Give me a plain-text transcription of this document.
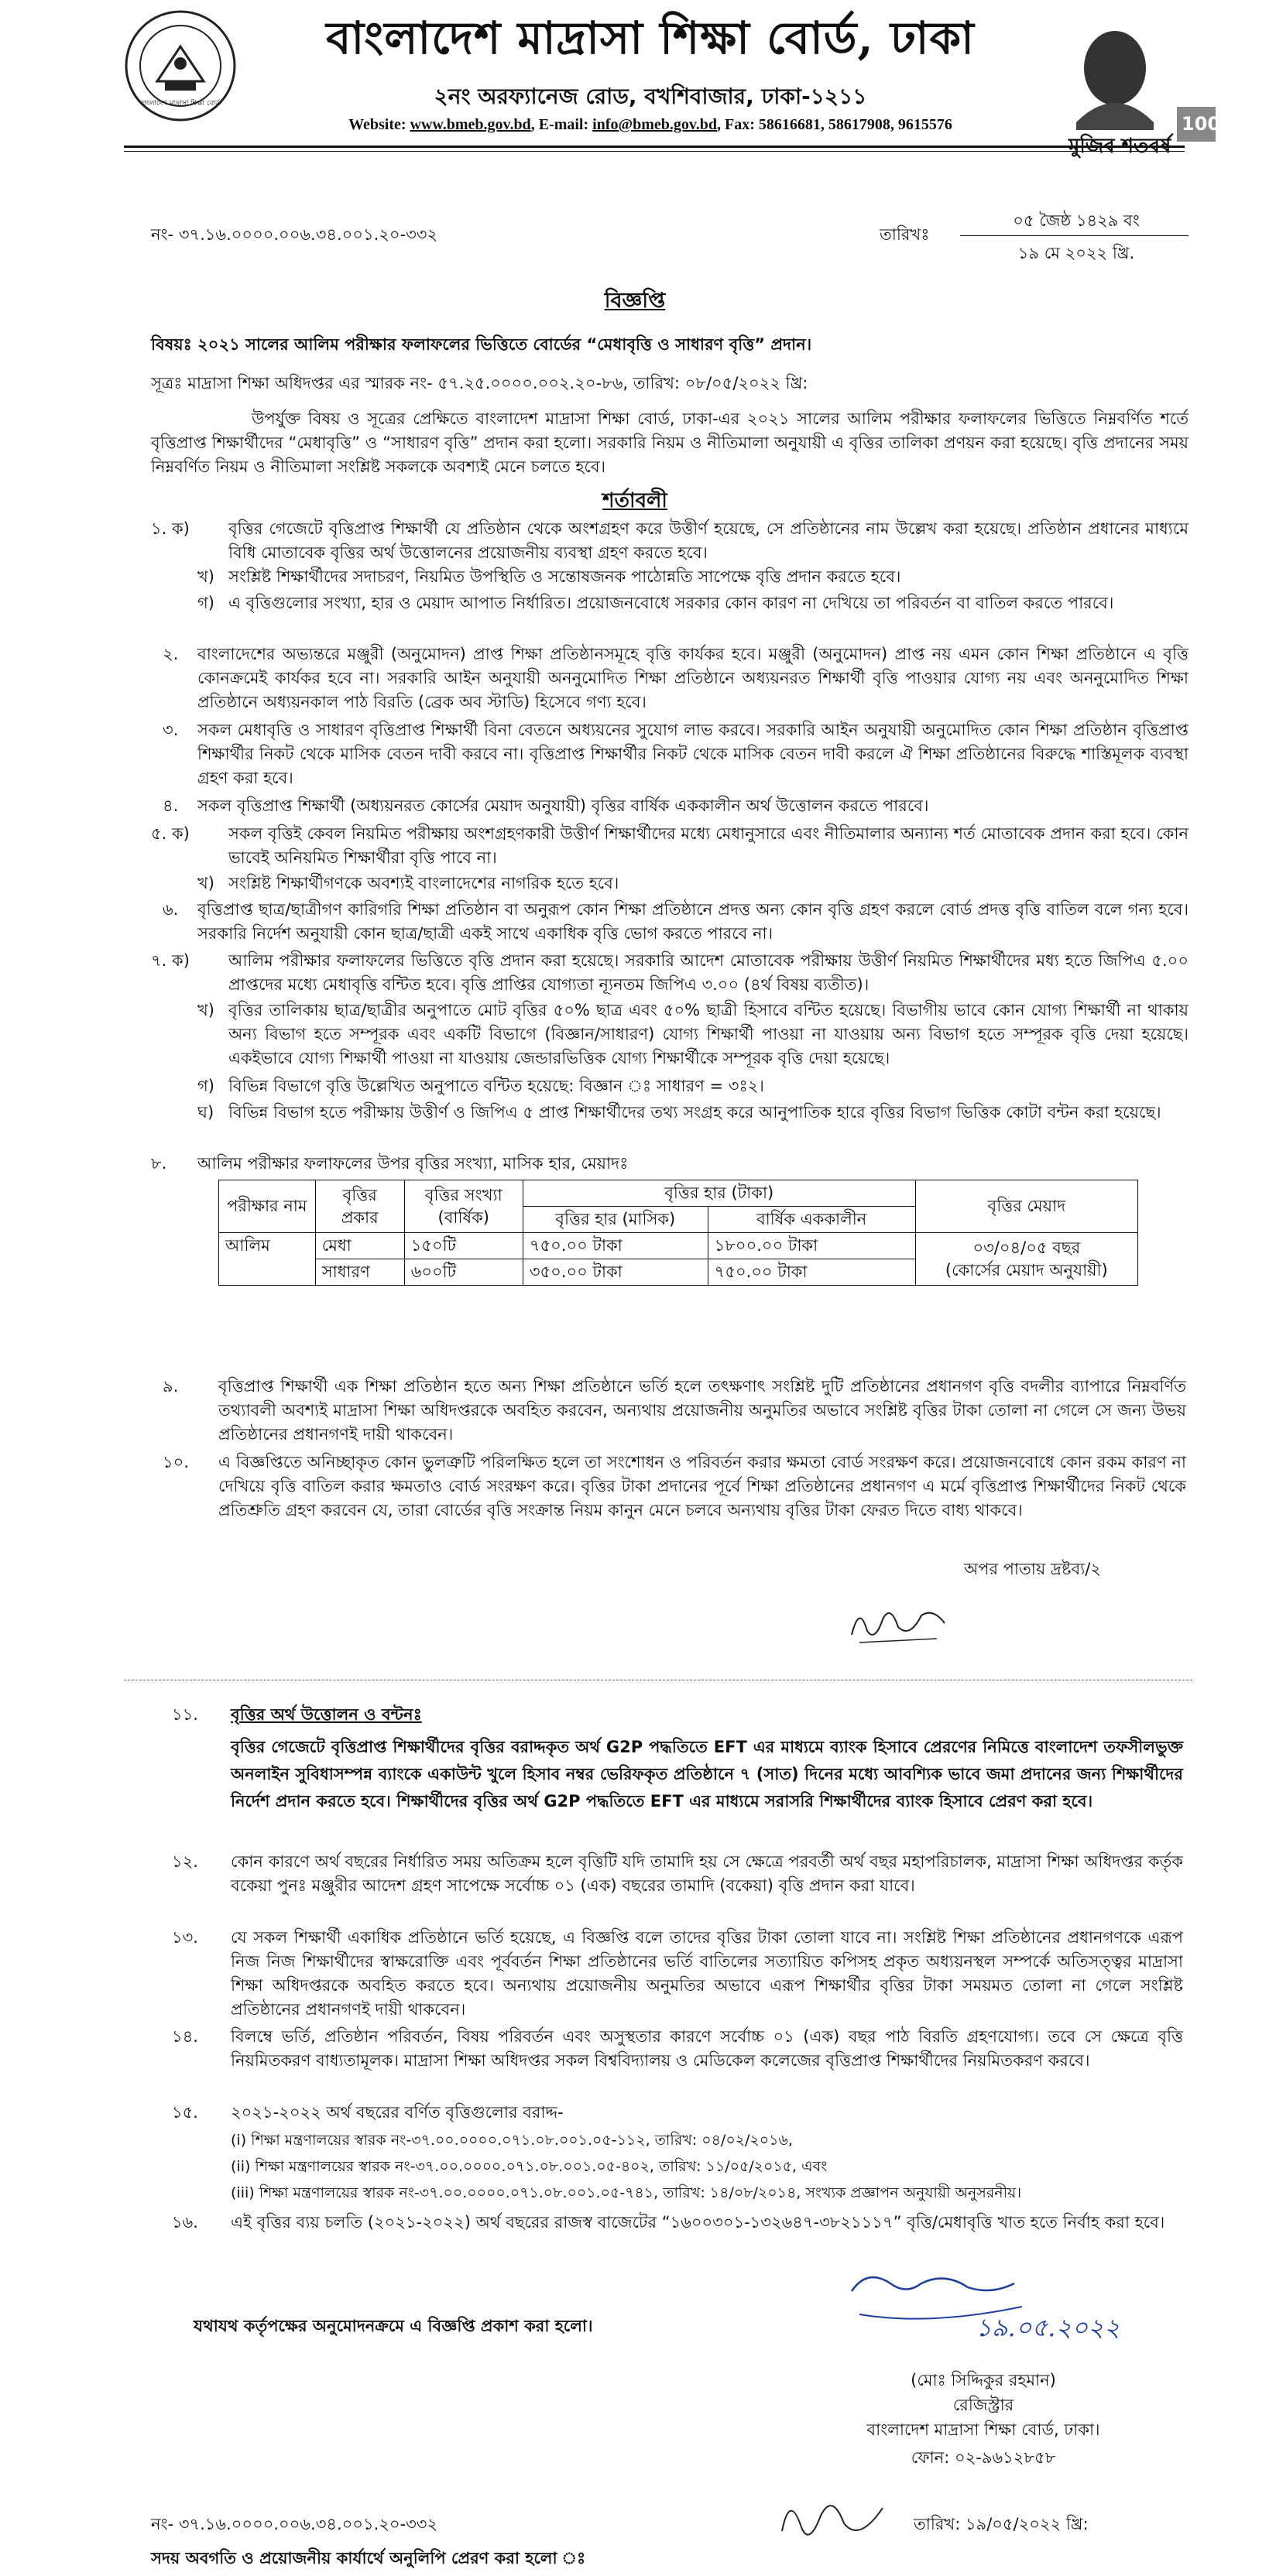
বাংলাদেশ মাদ্রাসা শিক্ষা বোর্ড
বাংলাদেশ মাদ্রাসা শিক্ষা বোর্ড, ঢাকা
২নং অরফ্যানেজ রোড, বখশিবাজার, ঢাকা-১২১১
Website: www.bmeb.gov.bd, E-mail: info@bmeb.gov.bd, Fax: 58616681, 58617908, 9615576
মুজিব শতবর্ষ
100
নং- ৩৭.১৬.০০০০.০০৬.৩৪.০০১.২০-৩৩২	তারিখঃ
০৫ জৈষ্ঠ ১৪২৯ বং
১৯ মে ২০২২ খ্রি.
বিজ্ঞপ্তি
বিষয়ঃ ২০২১ সালের আলিম পরীক্ষার ফলাফলের ভিত্তিতে বোর্ডের “মেধাবৃত্তি ও সাধারণ বৃত্তি” প্রদান।
সূত্রঃ মাদ্রাসা শিক্ষা অধিদপ্তর এর স্মারক নং- ৫৭.২৫.০০০০.০০২.২০-৮৬, তারিখ: ০৮/০৫/২০২২ খ্রি:
উপর্যুক্ত বিষয় ও সূত্রের প্রেক্ষিতে বাংলাদেশ মাদ্রাসা শিক্ষা বোর্ড, ঢাকা-এর ২০২১ সালের আলিম পরীক্ষার ফলাফলের ভিত্তিতে নিম্নবর্ণিত শর্তে বৃত্তিপ্রাপ্ত শিক্ষার্থীদের “মেধাবৃত্তি” ও “সাধারণ বৃত্তি” প্রদান করা হলো। সরকারি নিয়ম ও নীতিমালা অনুযায়ী এ বৃত্তির তালিকা প্রণয়ন করা হয়েছে। বৃত্তি প্রদানের সময় নিম্নবর্ণিত নিয়ম ও নীতিমালা সংশ্লিষ্ট সকলকে অবশ্যই মেনে চলতে হবে।
শর্তাবলী
১. ক) বৃত্তির গেজেটে বৃত্তিপ্রাপ্ত শিক্ষার্থী যে প্রতিষ্ঠান থেকে অংশগ্রহণ করে উত্তীর্ণ হয়েছে, সে প্রতিষ্ঠানের নাম উল্লেখ করা হয়েছে। প্রতিষ্ঠান প্রধানের মাধ্যমে বিধি মোতাবেক বৃত্তির অর্থ উত্তোলনের প্রয়োজনীয় ব্যবস্থা গ্রহণ করতে হবে।
খ) সংশ্লিষ্ট শিক্ষার্থীদের সদাচরণ, নিয়মিত উপস্থিতি ও সন্তোষজনক পাঠোন্নতি সাপেক্ষে বৃত্তি প্রদান করতে হবে।
গ) এ বৃত্তিগুলোর সংখ্যা, হার ও মেয়াদ আপাত নির্ধারিত। প্রয়োজনবোধে সরকার কোন কারণ না দেখিয়ে তা পরিবর্তন বা বাতিল করতে পারবে।
২. বাংলাদেশের অভ্যন্তরে মঞ্জুরী (অনুমোদন) প্রাপ্ত শিক্ষা প্রতিষ্ঠানসমূহে বৃত্তি কার্যকর হবে। মঞ্জুরী (অনুমোদন) প্রাপ্ত নয় এমন কোন শিক্ষা প্রতিষ্ঠানে এ বৃত্তি কোনক্রমেই কার্যকর হবে না। সরকারি আইন অনুযায়ী অননুমোদিত শিক্ষা প্রতিষ্ঠানে অধ্যয়নরত শিক্ষার্থী বৃত্তি পাওয়ার যোগ্য নয় এবং অননুমোদিত শিক্ষা প্রতিষ্ঠানে অধ্যয়নকাল পাঠ বিরতি (ব্রেক অব স্টাডি) হিসেবে গণ্য হবে।
৩. সকল মেধাবৃত্তি ও সাধারণ বৃত্তিপ্রাপ্ত শিক্ষার্থী বিনা বেতনে অধ্যয়নের সুযোগ লাভ করবে। সরকারি আইন অনুযায়ী অনুমোদিত কোন শিক্ষা প্রতিষ্ঠান বৃত্তিপ্রাপ্ত শিক্ষার্থীর নিকট থেকে মাসিক বেতন দাবী করবে না। বৃত্তিপ্রাপ্ত শিক্ষার্থীর নিকট থেকে মাসিক বেতন দাবী করলে ঐ শিক্ষা প্রতিষ্ঠানের বিরুদ্ধে শাস্তিমূলক ব্যবস্থা গ্রহণ করা হবে।
৪. সকল বৃত্তিপ্রাপ্ত শিক্ষার্থী (অধ্যয়নরত কোর্সের মেয়াদ অনুযায়ী) বৃত্তির বার্ষিক এককালীন অর্থ উত্তোলন করতে পারবে।
৫. ক) সকল বৃত্তিই কেবল নিয়মিত পরীক্ষায় অংশগ্রহণকারী উত্তীর্ণ শিক্ষার্থীদের মধ্যে মেধানুসারে এবং নীতিমালার অন্যান্য শর্ত মোতাবেক প্রদান করা হবে। কোন ভাবেই অনিয়মিত শিক্ষার্থীরা বৃত্তি পাবে না।
খ) সংশ্লিষ্ট শিক্ষার্থীগণকে অবশ্যই বাংলাদেশের নাগরিক হতে হবে।
৬. বৃত্তিপ্রাপ্ত ছাত্র/ছাত্রীগণ কারিগরি শিক্ষা প্রতিষ্ঠান বা অনুরূপ কোন শিক্ষা প্রতিষ্ঠানে প্রদত্ত অন্য কোন বৃত্তি গ্রহণ করলে বোর্ড প্রদত্ত বৃত্তি বাতিল বলে গন্য হবে। সরকারি নির্দেশ অনুযায়ী কোন ছাত্র/ছাত্রী একই সাথে একাধিক বৃত্তি ভোগ করতে পারবে না।
৭. ক) আলিম পরীক্ষার ফলাফলের ভিত্তিতে বৃত্তি প্রদান করা হয়েছে। সরকারি আদেশ মোতাবেক পরীক্ষায় উত্তীর্ণ নিয়মিত শিক্ষার্থীদের মধ্য হতে জিপিএ ৫.০০ প্রাপ্তদের মধ্যে মেধাবৃত্তি বন্টিত হবে। বৃত্তি প্রাপ্তির যোগ্যতা ন্যূনতম জিপিএ ৩.০০ (৪র্থ বিষয় ব্যতীত)।
খ) বৃত্তির তালিকায় ছাত্র/ছাত্রীর অনুপাতে মোট বৃত্তির ৫০% ছাত্র এবং ৫০% ছাত্রী হিসাবে বন্টিত হয়েছে। বিভাগীয় ভাবে কোন যোগ্য শিক্ষার্থী না থাকায় অন্য বিভাগ হতে সম্পূরক এবং একটি বিভাগে (বিজ্ঞান/সাধারণ) যোগ্য শিক্ষার্থী পাওয়া না যাওয়ায় অন্য বিভাগ হতে সম্পূরক বৃত্তি দেয়া হয়েছে। একইভাবে যোগ্য শিক্ষার্থী পাওয়া না যাওয়ায় জেন্ডারভিত্তিক যোগ্য শিক্ষার্থীকে সম্পূরক বৃত্তি দেয়া হয়েছে।
গ) বিভিন্ন বিভাগে বৃত্তি উল্লেখিত অনুপাতে বন্টিত হয়েছে: বিজ্ঞান ঃ সাধারণ = ৩ঃ২।
ঘ) বিভিন্ন বিভাগ হতে পরীক্ষায় উত্তীর্ণ ও জিপিএ ৫ প্রাপ্ত শিক্ষার্থীদের তথ্য সংগ্রহ করে আনুপাতিক হারে বৃত্তির বিভাগ ভিত্তিক কোটা বন্টন করা হয়েছে।
৮. আলিম পরীক্ষার ফলাফলের উপর বৃত্তির সংখ্যা, মাসিক হার, মেয়াদঃ
পরীক্ষার নাম	বৃত্তির প্রকার	বৃত্তির সংখ্যা (বার্ষিক)	বৃত্তির হার (টাকা)		বৃত্তির মেয়াদ
			বৃত্তির হার (মাসিক)	বার্ষিক এককালীন	
আলিম	মেধা	১৫০টি	৭৫০.০০ টাকা	১৮০০.০০ টাকা	০৩/০৪/০৫ বছর
(কোর্সের মেয়াদ অনুযায়ী)

	সাধারণ	৬০০টি	৩৫০.০০ টাকা	৭৫০.০০ টাকা	
৯. বৃত্তিপ্রাপ্ত শিক্ষার্থী এক শিক্ষা প্রতিষ্ঠান হতে অন্য শিক্ষা প্রতিষ্ঠানে ভর্তি হলে তৎক্ষণাৎ সংশ্লিষ্ট দুটি প্রতিষ্ঠানের প্রধানগণ বৃত্তি বদলীর ব্যাপারে নিম্নবর্ণিত তথ্যাবলী অবশ্যই মাদ্রাসা শিক্ষা অধিদপ্তরকে অবহিত করবেন, অন্যথায় প্রয়োজনীয় অনুমতির অভাবে সংশ্লিষ্ট বৃত্তির টাকা তোলা না গেলে সে জন্য উভয় প্রতিষ্ঠানের প্রধানগণই দায়ী থাকবেন।
১০. এ বিজ্ঞপ্তিতে অনিচ্ছাকৃত কোন ভুলত্রুটি পরিলক্ষিত হলে তা সংশোধন ও পরিবর্তন করার ক্ষমতা বোর্ড সংরক্ষণ করে। প্রয়োজনবোধে কোন রকম কারণ না দেখিয়ে বৃত্তি বাতিল করার ক্ষমতাও বোর্ড সংরক্ষণ করে। বৃত্তির টাকা প্রদানের পূর্বে শিক্ষা প্রতিষ্ঠানের প্রধানগণ এ মর্মে বৃত্তিপ্রাপ্ত শিক্ষার্থীদের নিকট থেকে প্রতিশ্রুতি গ্রহণ করবেন যে, তারা বোর্ডের বৃত্তি সংক্রান্ত নিয়ম কানুন মেনে চলবে অন্যথায় বৃত্তির টাকা ফেরত দিতে বাধ্য থাকবে।
অপর পাতায় দ্রষ্টব্য/২
১১. বৃত্তির অর্থ উত্তোলন ও বন্টনঃ
বৃত্তির গেজেটে বৃত্তিপ্রাপ্ত শিক্ষার্থীদের বৃত্তির বরাদ্দকৃত অর্থ G2P পদ্ধতিতে EFT এর মাধ্যমে ব্যাংক হিসাবে প্রেরণের নিমিত্তে বাংলাদেশ তফসীলভুক্ত অনলাইন সুবিধাসম্পন্ন ব্যাংকে একাউন্ট খুলে হিসাব নম্বর ভেরিফকৃত প্রতিষ্ঠানে ৭ (সাত) দিনের মধ্যে আবশ্যিক ভাবে জমা প্রদানের জন্য শিক্ষার্থীদের নির্দেশ প্রদান করতে হবে। শিক্ষার্থীদের বৃত্তির অর্থ G2P পদ্ধতিতে EFT এর মাধ্যমে সরাসরি শিক্ষার্থীদের ব্যাংক হিসাবে প্রেরণ করা হবে।
১২. কোন কারণে অর্থ বছরের নির্ধারিত সময় অতিক্রম হলে বৃত্তিটি যদি তামাদি হয় সে ক্ষেত্রে পরবর্তী অর্থ বছর মহাপরিচালক, মাদ্রাসা শিক্ষা অধিদপ্তর কর্তৃক বকেয়া পুনঃ মঞ্জুরীর আদেশ গ্রহণ সাপেক্ষে সর্বোচ্চ ০১ (এক) বছরের তামাদি (বকেয়া) বৃত্তি প্রদান করা যাবে।
১৩. যে সকল শিক্ষার্থী একাধিক প্রতিষ্ঠানে ভর্তি হয়েছে, এ বিজ্ঞপ্তি বলে তাদের বৃত্তির টাকা তোলা যাবে না। সংশ্লিষ্ট শিক্ষা প্রতিষ্ঠানের প্রধানগণকে এরূপ নিজ নিজ শিক্ষার্থীদের স্বাক্ষরোক্তি এবং পূর্ববর্তন শিক্ষা প্রতিষ্ঠানের ভর্তি বাতিলের সত্যায়িত কপিসহ প্রকৃত অধ্যয়নস্থল সম্পর্কে অতিসত্ত্বর মাদ্রাসা শিক্ষা অধিদপ্তরকে অবহিত করতে হবে। অন্যথায় প্রয়োজনীয় অনুমতির অভাবে এরূপ শিক্ষার্থীর বৃত্তির টাকা সময়মত তোলা না গেলে সংশ্লিষ্ট প্রতিষ্ঠানের প্রধানগণই দায়ী থাকবেন।
১৪. বিলম্বে ভর্তি, প্রতিষ্ঠান পরিবর্তন, বিষয় পরিবর্তন এবং অসুস্থতার কারণে সর্বোচ্চ ০১ (এক) বছর পাঠ বিরতি গ্রহণযোগ্য। তবে সে ক্ষেত্রে বৃত্তি নিয়মিতকরণ বাধ্যতামূলক। মাদ্রাসা শিক্ষা অধিদপ্তর সকল বিশ্ববিদ্যালয় ও মেডিকেল কলেজের বৃত্তিপ্রাপ্ত শিক্ষার্থীদের নিয়মিতকরণ করবে।
১৫. ২০২১-২০২২ অর্থ বছরের বর্ণিত বৃত্তিগুলোর বরাদ্দ-
(i) শিক্ষা মন্ত্রণালয়ের স্বারক নং-৩৭.০০.০০০০.০৭১.০৮.০০১.০৫-১১২, তারিখ: ০৪/০২/২০১৬,
(ii) শিক্ষা মন্ত্রণালয়ের স্বারক নং-৩৭.০০.০০০০.০৭১.০৮.০০১.০৫-৪০২, তারিখ: ১১/০৫/২০১৫, এবং
(iii) শিক্ষা মন্ত্রণালয়ের স্বারক নং-৩৭.০০.০০০০.০৭১.০৮.০০১.০৫-৭৪১, তারিখ: ১৪/০৮/২০১৪, সংখ্যক প্রজ্ঞাপন অনুযায়ী অনুসরনীয়।
১৬. এই বৃত্তির ব্যয় চলতি (২০২১-২০২২) অর্থ বছরের রাজস্ব বাজেটের “১৬০০৩০১-১৩২৬৪৭-৩৮২১১১৭” বৃত্তি/মেধাবৃত্তি খাত হতে নির্বাহ করা হবে।
যথাযথ কর্তৃপক্ষের অনুমোদনক্রমে এ বিজ্ঞপ্তি প্রকাশ করা হলো।	১৯.০৫.২০২২
(মোঃ সিদ্দিকুর রহমান)
রেজিস্ট্রার
বাংলাদেশ মাদ্রাসা শিক্ষা বোর্ড, ঢাকা।
ফোন: ০২-৯৬১২৮৫৮
নং- ৩৭.১৬.০০০০.০০৬.৩৪.০০১.২০-৩৩২	তারিখ: ১৯/০৫/২০২২ খ্রি:
সদয় অবগতি ও প্রয়োজনীয় কার্যার্থে অনুলিপি প্রেরণ করা হলো ঃ
